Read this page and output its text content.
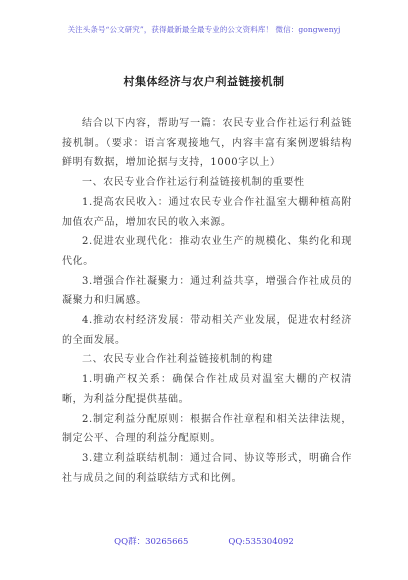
关注头条号“公文研究”，获得最新最全最专业的公文资料库！ 微信：gongwenyj
村集体经济与农户利益链接机制

结合以下内容，帮助写一篇：农民专业合作社运行利益链接机制。（要求：语言客观接地气，内容丰富有案例逻辑结构鲜明有数据，增加论据与支持，1000字以上）

一、农民专业合作社运行利益链接机制的重要性

1.提高农民收入：通过农民专业合作社温室大棚种植高附加值农产品，增加农民的收入来源。

2.促进农业现代化：推动农业生产的规模化、集约化和现代化。

3.增强合作社凝聚力：通过利益共享，增强合作社成员的凝聚力和归属感。

4.推动农村经济发展：带动相关产业发展，促进农村经济的全面发展。

二、农民专业合作社利益链接机制的构建

1.明确产权关系：确保合作社成员对温室大棚的产权清晰，为利益分配提供基础。

2.制定利益分配原则：根据合作社章程和相关法律法规，制定公平、合理的利益分配原则。

3.建立利益联结机制：通过合同、协议等形式，明确合作社与成员之间的利益联结方式和比例。

QQ群：30265665	QQ:535304092
